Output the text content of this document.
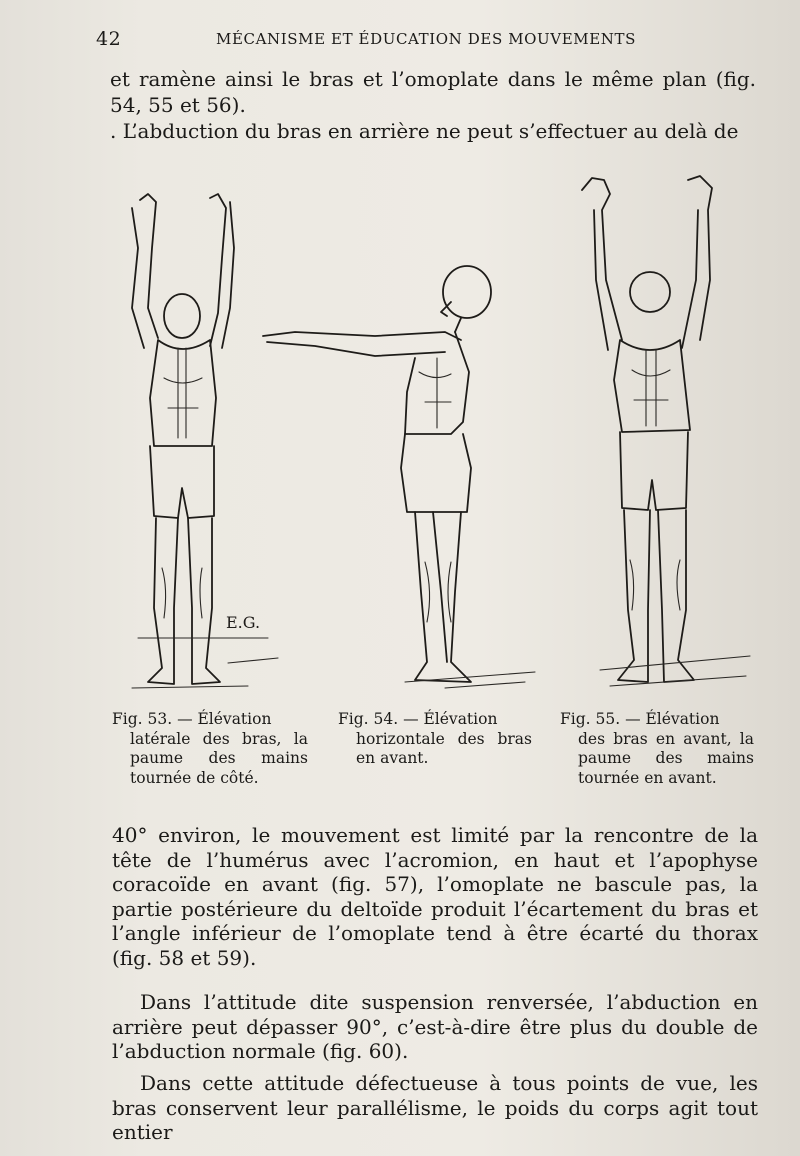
42	MÉCANISME ET ÉDUCATION DES MOUVEMENTS
et ramène ainsi le bras et l’omoplate dans le même plan (fig. 54, 55 et 56).
. L’abduction du bras en arrière ne peut s’effectuer au delà de
E.G.
Fig. 53. — Élévation
latérale des bras, la paume des mains tournée de côté.
Fig. 54. — Élévation
horizontale des bras en avant.
Fig. 55. — Élévation
des bras en avant, la paume des mains tournée en avant.

40° environ, le mouvement est limité par la rencontre de la tête de l’humérus avec l’acromion, en haut et l’apophyse coracoïde en avant (fig. 57), l’omoplate ne bascule pas, la partie postérieure du deltoïde produit l’écartement du bras et l’angle inférieur de l’omoplate tend à être écarté du thorax (fig. 58 et 59).

Dans l’attitude dite suspension renversée, l’abduction en arrière peut dépasser 90°, c’est-à-dire être plus du double de l’abduction normale (fig. 60).

Dans cette attitude défectueuse à tous points de vue, les bras conservent leur parallélisme, le poids du corps agit tout entier
